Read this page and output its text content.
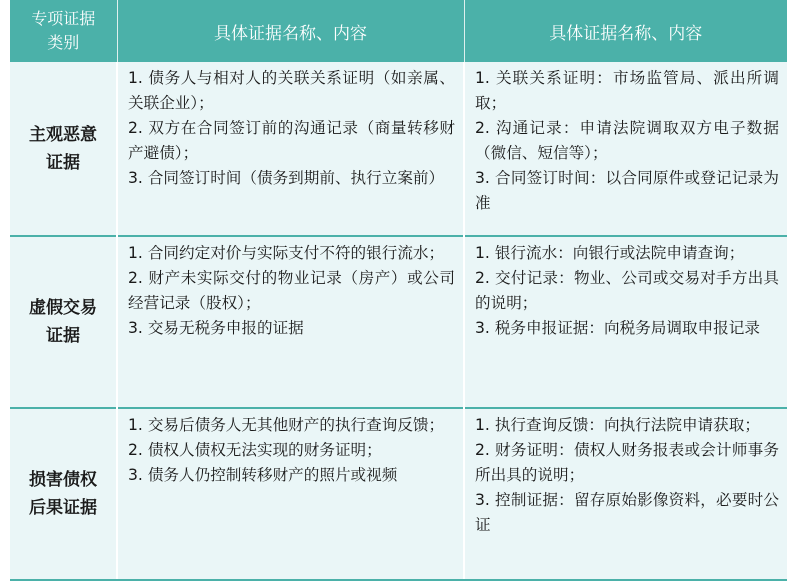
专项证据
类别	具体证据名称、内容	具体证据名称、内容
主观恶意证据	1. 债务人与相对人的关联关系证明（如亲属、关联企业）；
2. 双方在合同签订前的沟通记录（商量转移财产避债）；
3. 合同签订时间（债务到期前、执行立案前）	1. 关联关系证明：市场监管局、派出所调取；
2. 沟通记录：申请法院调取双方电子数据（微信、短信等）；
3. 合同签订时间：以合同原件或登记记录为准

虚假交易证据	1. 合同约定对价与实际支付不符的银行流水；
2. 财产未实际交付的物业记录（房产）或公司经营记录（股权）；
3. 交易无税务申报的证据	1. 银行流水：向银行或法院申请查询；
2. 交付记录：物业、公司或交易对手方出具的说明；
3. 税务申报证据：向税务局调取申报记录

损害债权后果证据	1. 交易后债务人无其他财产的执行查询反馈；
2. 债权人债权无法实现的财务证明；
3. 债务人仍控制转移财产的照片或视频	1. 执行查询反馈：向执行法院申请获取；
2. 财务证明：债权人财务报表或会计师事务所出具的说明；
3. 控制证据：留存原始影像资料，必要时公证
